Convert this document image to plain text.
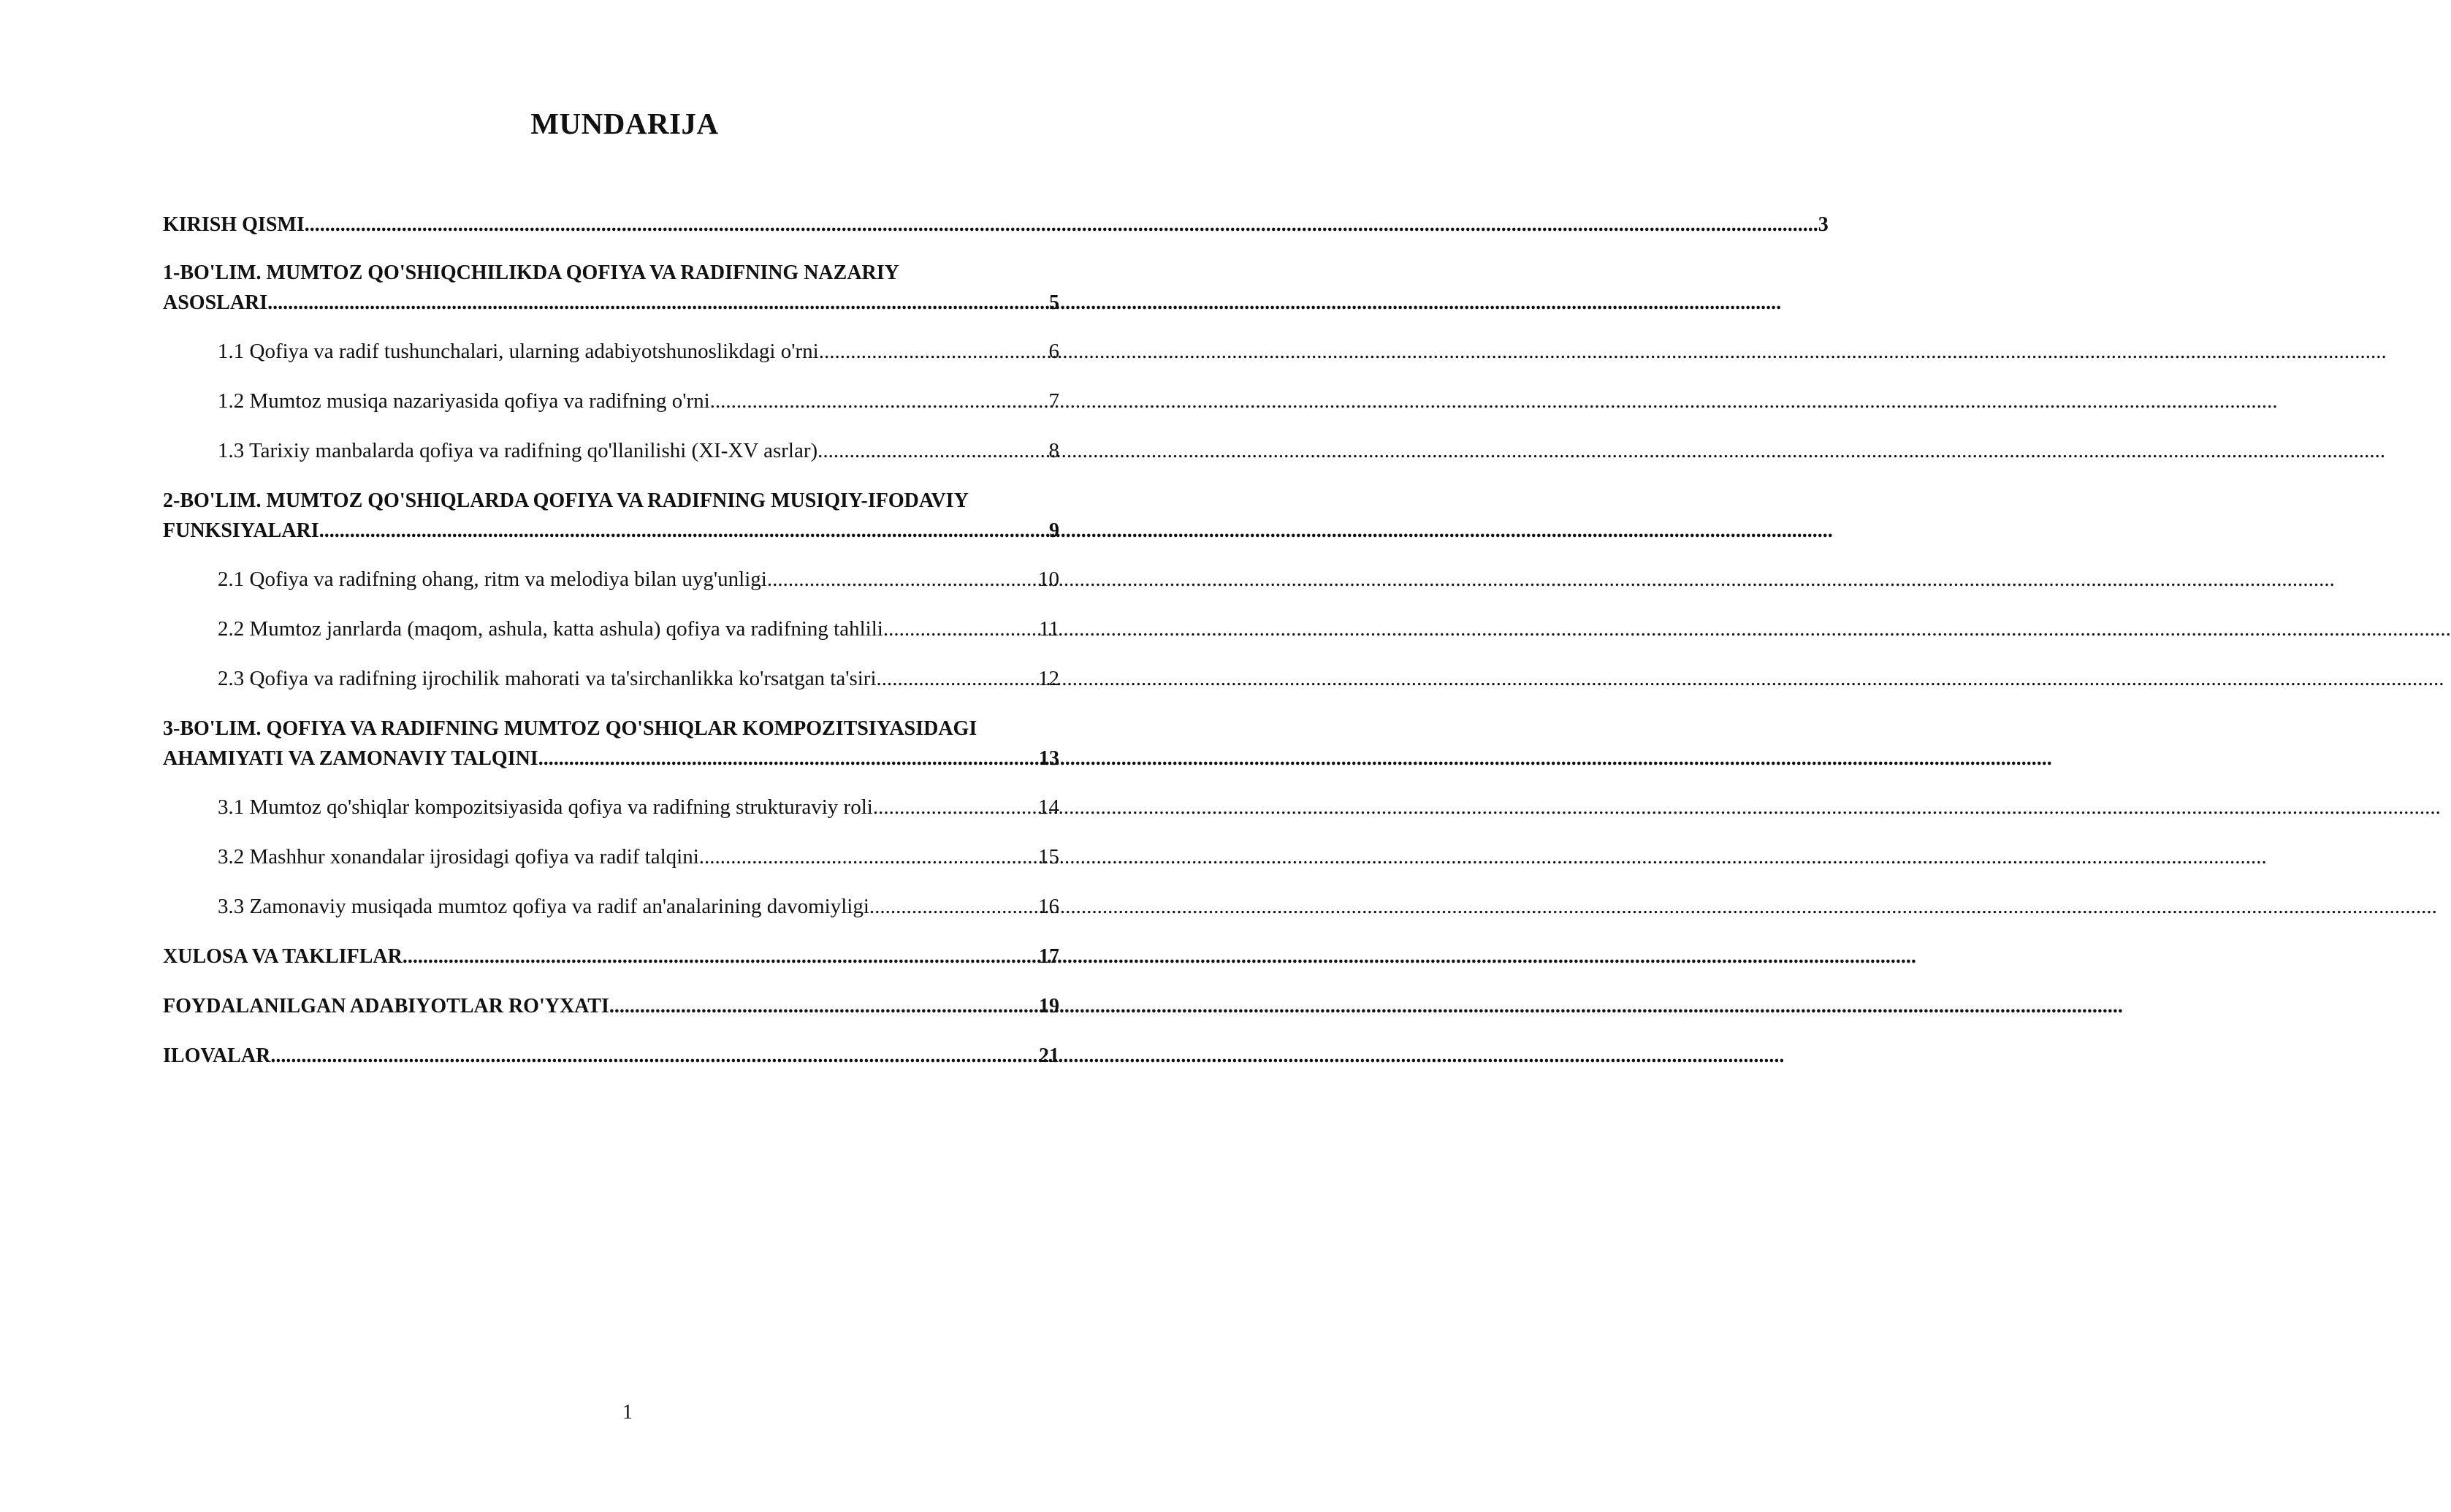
MUNDARIJA
KIRISH QISMI .....	3
1-BO'LIM. MUMTOZ QO'SHIQCHILIKDA QOFIYA VA RADIFNING NAZARIY
ASOSLARI .....	5
1.1 Qofiya va radif tushunchalari, ularning adabiyotshunoslikdagi o'rni .....	6
1.2 Mumtoz musiqa nazariyasida qofiya va radifning o'rni .....	7
1.3 Tarixiy manbalarda qofiya va radifning qo'llanilishi (XI-XV asrlar) .....	8
2-BO'LIM. MUMTOZ QO'SHIQLARDA QOFIYA VA RADIFNING MUSIQIY-IFODAVIY
FUNKSIYALARI .....	9
2.1 Qofiya va radifning ohang, ritm va melodiya bilan uyg'unligi .....	10
2.2 Mumtoz janrlarda (maqom, ashula, katta ashula) qofiya va radifning tahlili .....	11
2.3 Qofiya va radifning ijrochilik mahorati va ta'sirchanlikka ko'rsatgan ta'siri .....	12
3-BO'LIM. QOFIYA VA RADIFNING MUMTOZ QO'SHIQLAR KOMPOZITSIYASIDAGI
AHAMIYATI VA ZAMONAVIY TALQINI .....	13
3.1 Mumtoz qo'shiqlar kompozitsiyasida qofiya va radifning strukturaviy roli .....	14
3.2 Mashhur xonandalar ijrosidagi qofiya va radif talqini .....	15
3.3 Zamonaviy musiqada mumtoz qofiya va radif an'analarining davomiyligi .....	16
XULOSA VA TAKLIFLAR .....	17
FOYDALANILGAN ADABIYOTLAR RO'YXATI .....	19
ILOVALAR .....	21
1
